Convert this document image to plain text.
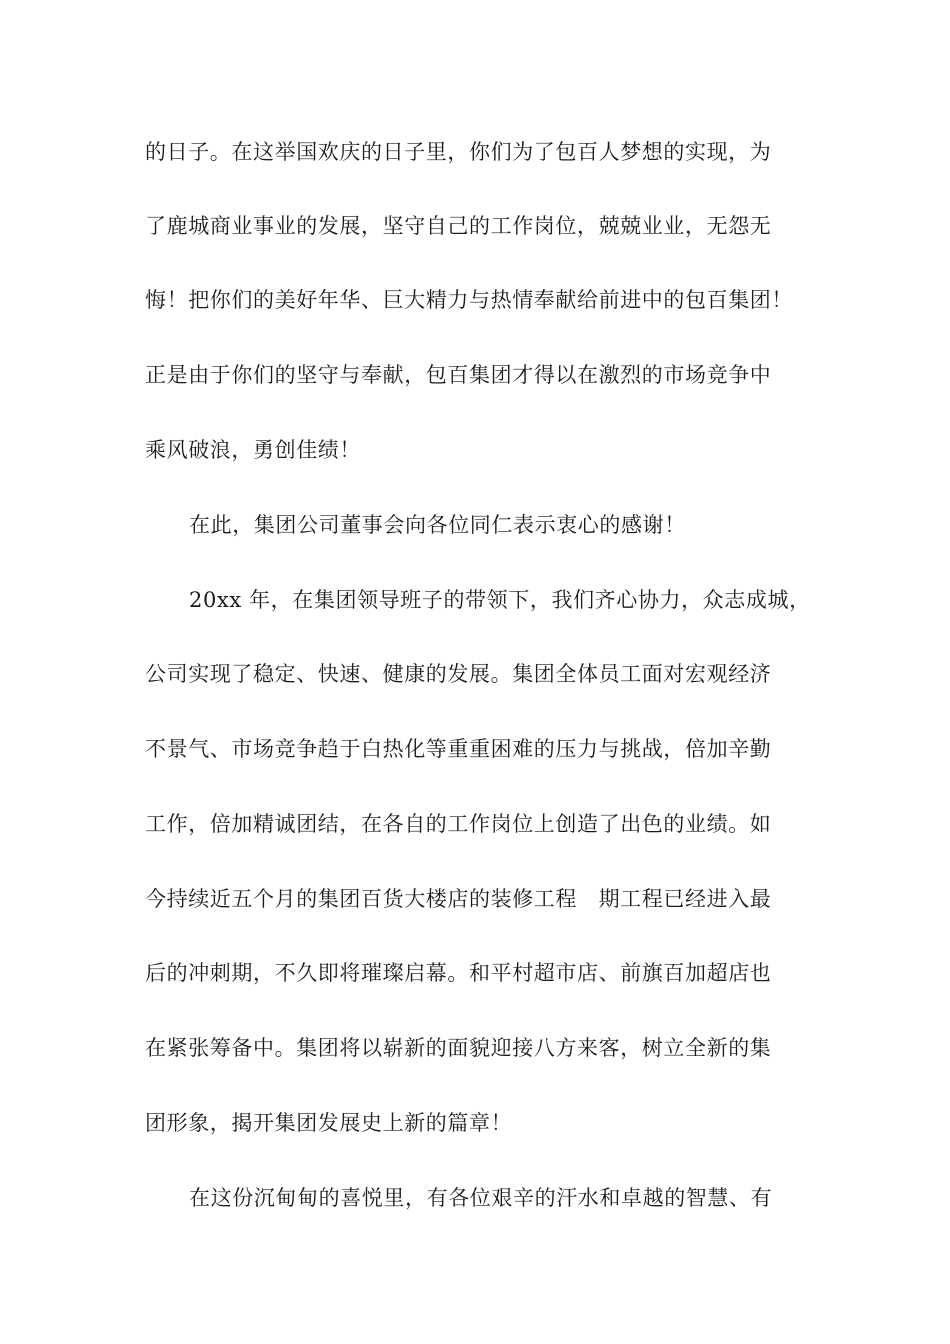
的日子。在这举国欢庆的日子里，你们为了包百人梦想的实现，为
了鹿城商业事业的发展，坚守自己的工作岗位，兢兢业业，无怨无
悔！把你们的美好年华、巨大精力与热情奉献给前进中的包百集团！
正是由于你们的坚守与奉献，包百集团才得以在激烈的市场竞争中
乘风破浪，勇创佳绩！
在此，集团公司董事会向各位同仁表示衷心的感谢！
20xx 年，在集团领导班子的带领下，我们齐心协力，众志成城，
公司实现了稳定、快速、健康的发展。集团全体员工面对宏观经济
不景气、市场竞争趋于白热化等重重困难的压力与挑战，倍加辛勤
工作，倍加精诚团结，在各自的工作岗位上创造了出色的业绩。如
今持续近五个月的集团百货大楼店的装修工程　期工程已经进入最
后的冲刺期，不久即将璀璨启幕。和平村超市店、前旗百加超店也
在紧张筹备中。集团将以崭新的面貌迎接八方来客，树立全新的集
团形象，揭开集团发展史上新的篇章！
在这份沉甸甸的喜悦里，有各位艰辛的汗水和卓越的智慧、有
